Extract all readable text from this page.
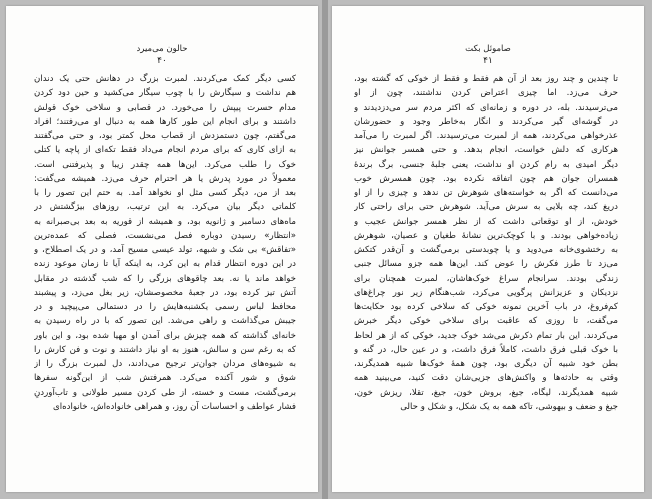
حالون می‌میرد
۴۰
کسی دیگر کمک می‌کردند. لمبرت بزرگ در دهانش حتی یک دندان
هم نداشت و سیگارش را با چوب سیگار می‌کشید و حین دود کردن
مدام حسرت پیپش را می‌خورد. در قصابی و سلاخی خوک قولش
داشتند و برای انجام این طور کارها همه به دنبال او می‌رفتند؛ افراد
می‌گفتم، چون دستمزدش از قصاب محل کمتر بود، و حتی می‌گفتند
به ازای کاری که برای مردم انجام می‌داد فقط تکه‌ای از پاچه یا کتلی
خوک را طلب می‌کرد. این‌ها همه چقدر زیبا و پذیرفتنی است.
معمولاً در مورد پدرش یا هر احترام حرف می‌زد. همیشه می‌گفت:
بعد از من، دیگر کسی مثل او نخواهد آمد. به حتم این تصور را با
کلماتی دیگر بیان می‌کرد. به این ترتیب، روزهای بیژگشتش در
ماه‌های دسامبر و ژانویه بود، و همیشه از قوریه به بعد بی‌صبرانه به
«انتظار» رسیدن دوباره فصل می‌نشست، فصلی که عمده‌ترین
«تفاقش» بی شک و شبهه، تولد عیسی مسیح آمد، و در یک اصطلاح، و
در این دوره انتظار قدام به این کرد، به اینکه آیا تا زمان موعود زنده
خواهد ماند یا نه. بعد چاقوهای بزرگی را که شب گذشته در مقابل
آتش تیز کرده بود، در جعبهٔ مخصوصشان، زیر بغل می‌زد، و پیشبند
محافظ لباس رسمی یکشنبه‌هایش را در دستمالی می‌پیچید و در
جیبش می‌گذاشت و راهی می‌شد. این تصور که با در راه رسیدن به
خانه‌ای گذاشته که همه چیزش برای آمدن او مهیا شده بود، و این باور
که به رغم سن و سالش، هنوز به او نیاز داشتند و نوت و فن کارش را
به شیوه‌های مردان جوان‌تر ترجیح می‌دادند، دل لمبرت بزرگ را از
شوق و شور آکنده می‌کرد. همرفتش شب از این‌گونه سفرها
برمی‌گشت، مست و خسته، از طی کردن مسیر طولانی و تاب‌آوردنِ
فشار عواطف و احساسات آن روز، و همراهی خانواده‌اش، خانواده‌ای
صاموئل بکت
۴۱
تا چندین و چند روز بعد از آن هم فقط و فقط از خوکی که گشته بود،
حرف می‌زد. اما چیزی اعتراض کردن نداشتند، چون از او
می‌ترسیدند. بله، در دوره و زمانه‌ای که اکثر مردم سر می‌دزدیدند و
در گوشه‌ای گیر می‌کردند و انگار به‌خاطر وجود و حضورشان
عذرخواهی می‌کردند، همه از لمبرت می‌ترسیدند. اگر لمبرت را می‌آمد
هرکاری که دلش خواست، انجام بدهد. و حتی همسر جوانش نیز
دیگر امیدی به رام کردن او نداشت، یعنی جلبهٔ جنسی، برگ برندهٔ
همسران جوان هم چون اتفاقه نکرده بود. چون همسرش خوب
می‌دانست که اگر به خواسته‌های شوهرش تن ندهد و چیزی را از او
دریغ کند، چه بلایی به سرش می‌آید. شوهرش حتی برای راحتی کار
خودش، از او توقعاتی داشت که از نظر همسر جوانش عجیب و
زیاده‌خواهی بودند. و با کوچک‌ترین نشانهٔ طغیان و عصیان، شوهرش
به رختشوی‌خانه می‌دوید و یا چوبدستی برمی‌گشت و آن‌قدر کتکش
می‌زد تا طرز فکرش را عوض کند. این‌ها همه جزو مسائل جنبی
زندگی بودند. سرانجام سراغ خوک‌هاشان، لمبرت همچنان برای
نزدیکان و عزیزانش پرگویی می‌کرد، شب‌هنگام زیر نور چراغ‌های
کم‌فروغ، در باب آخرین نمونه خوکی که سلاخی کرده بود حکایت‌ها
می‌گفت، تا روزی که عاقبت برای سلاخی خوکی دیگر خبرش
می‌کردند. این بار تمام ذکرش می‌شد خوک جدید، خوکی که از هر لحاظ
با خوک قبلی فرق داشت، کاملاً فرق داشت، و در عین حال، در گنه و
بطن خود شبیه آن دیگری بود، چون همهٔ خوک‌ها شبیه همدیگرند،
وقتی به حادثه‌ها و واکنش‌های جزیی‌شان دقت کنید، می‌بینید همه
شبیه همدیگرند، لیگاه، جیغ، بروش خون، جیغ، تقلا، ریزش خون،
جیغ و ضعف و بیهوشی، تاکه همه به یک شکل، و شکل و حالی
